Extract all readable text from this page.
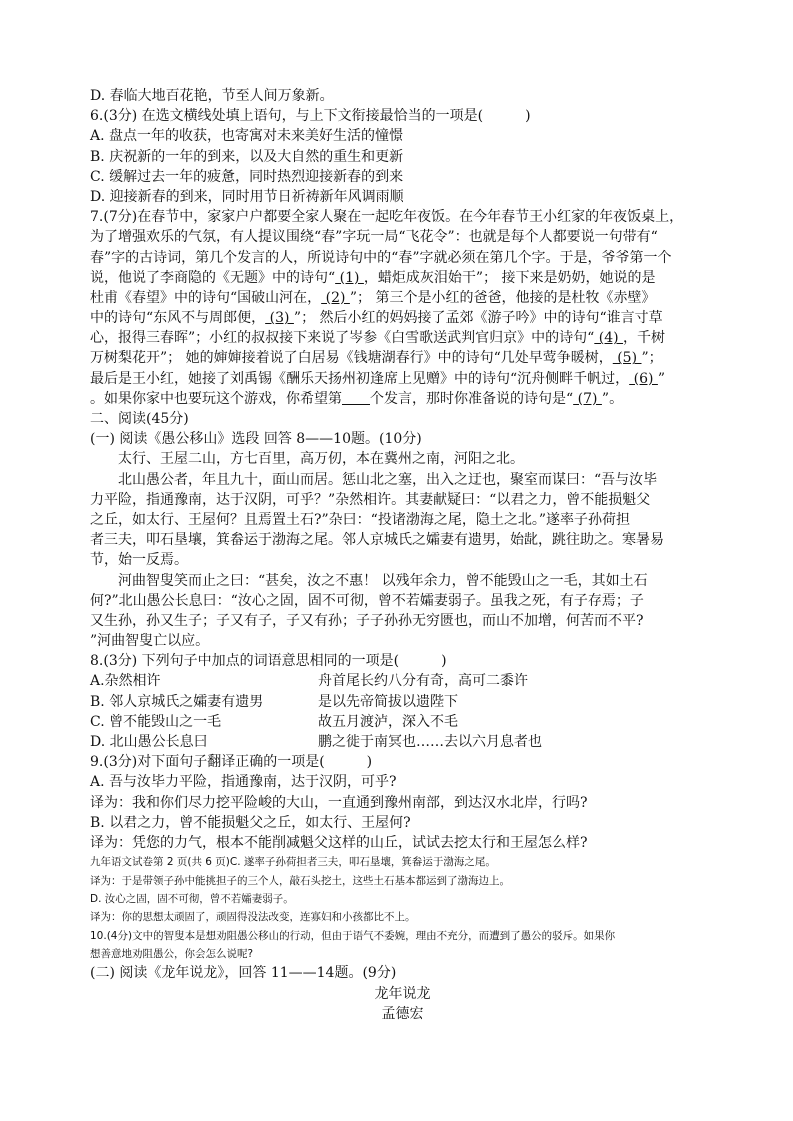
D. 春临大地百花艳，节至人间万象新。
6.(3分) 在选文横线处填上语句，与上下文衔接最恰当的一项是(　　　)
A. 盘点一年的收获，也寄寓对未来美好生活的憧憬
B. 庆祝新的一年的到来，以及大自然的重生和更新
C. 缓解过去一年的疲惫，同时热烈迎接新春的到来
D. 迎接新春的到来，同时用节日祈祷新年风调雨顺
7.(7分)在春节中，家家户户都要全家人聚在一起吃年夜饭。在今年春节王小红家的年夜饭桌上，
为了增强欢乐的气氛，有人提议围绕“春”字玩一局“飞花令”：也就是每个人都要说一句带有“
春”字的古诗词，第几个发言的人，所说诗句中的“春”字就必须在第几个字。于是，爷爷第一个
说，他说了李商隐的《无题》中的诗句“ (1) ，蜡炬成灰泪始干”； 接下来是奶奶，她说的是
杜甫《春望》中的诗句“国破山河在， (2) ”； 第三个是小红的爸爸，他接的是杜牧《赤壁》
中的诗句“东风不与周郎便， (3) ”； 然后小红的妈妈接了孟郊《游子吟》中的诗句“谁言寸草
心，报得三春晖”；小红的叔叔接下来说了岑参《白雪歌送武判官归京》中的诗句“ (4) ，千树
万树梨花开”； 她的婶婶接着说了白居易《钱塘湖春行》中的诗句“几处早莺争暖树， (5) ”；
最后是王小红，她接了刘禹锡《酬乐天扬州初逢席上见赠》中的诗句“沉舟侧畔千帆过， (6) ”
。如果你家中也要玩这个游戏，你希望第 个发言，那时你准备说的诗句是“ (7) ”。
二、阅读(45分)
(一) 阅读《愚公移山》选段 回答 8——10题。(10分)
太行、王屋二山，方七百里，高万仞，本在冀州之南，河阳之北。
北山愚公者，年且九十，面山而居。惩山北之塞，出入之迂也，聚室而谋曰：“吾与汝毕
力平险，指通豫南，达于汉阴，可乎？”杂然相许。其妻献疑曰：“以君之力，曾不能损魁父
之丘，如太行、王屋何？且焉置土石?”杂曰：“投诸渤海之尾，隐土之北。”遂率子孙荷担
者三夫，叩石垦壤，箕畚运于渤海之尾。邻人京城氏之孀妻有遗男，始龀，跳往助之。寒暑易
节，始一反焉。
河曲智叟笑而止之曰：“甚矣，汝之不惠！ 以残年余力，曾不能毁山之一毛，其如土石
何?”北山愚公长息曰：“汝心之固，固不可彻，曾不若孀妻弱子。虽我之死，有子存焉；子
又生孙，孙又生子；子又有子，子又有孙；子子孙孙无穷匮也，而山不加增，何苦而不平?
”河曲智叟亡以应。
8.(3分) 下列句子中加点的词语意思相同的一项是(　　　)
A.杂然相许	舟首尾长约八分有奇，高可二黍许
B. 邻人京城氏之孀妻有遗男	是以先帝简拔以遗陛下
C. 曾不能毁山之一毛	故五月渡泸，深入不毛
D. 北山愚公长息曰	鹏之徙于南冥也……去以六月息者也
9.(3分)对下面句子翻译正确的一项是(　　　)
A. 吾与汝毕力平险，指通豫南，达于汉阴，可乎?
译为：我和你们尽力挖平险峻的大山，一直通到豫州南部，到达汉水北岸，行吗?
B. 以君之力，曾不能损魁父之丘，如太行、王屋何?
译为：凭您的力气，根本不能削减魁父这样的山丘，试试去挖太行和王屋怎么样?
九年语文试卷第 2 页(共 6 页)C. 遂率子孙荷担者三夫，叩石垦壤，箕畚运于渤海之尾。
译为：于是带领子孙中能挑担子的三个人，敲石头挖土，这些土石基本都运到了渤海边上。
D. 汝心之固，固不可彻，曾不若孀妻弱子。
译为：你的思想太顽固了，顽固得没法改变，连寡妇和小孩都比不上。
10.(4分)文中的智叟本是想劝阻愚公移山的行动，但由于语气不委婉，理由不充分，而遭到了愚公的驳斥。如果你
想善意地劝阻愚公，你会怎么说呢?
(二) 阅读《龙年说龙》，回答 11——14题。(9分)
龙年说龙
孟德宏
